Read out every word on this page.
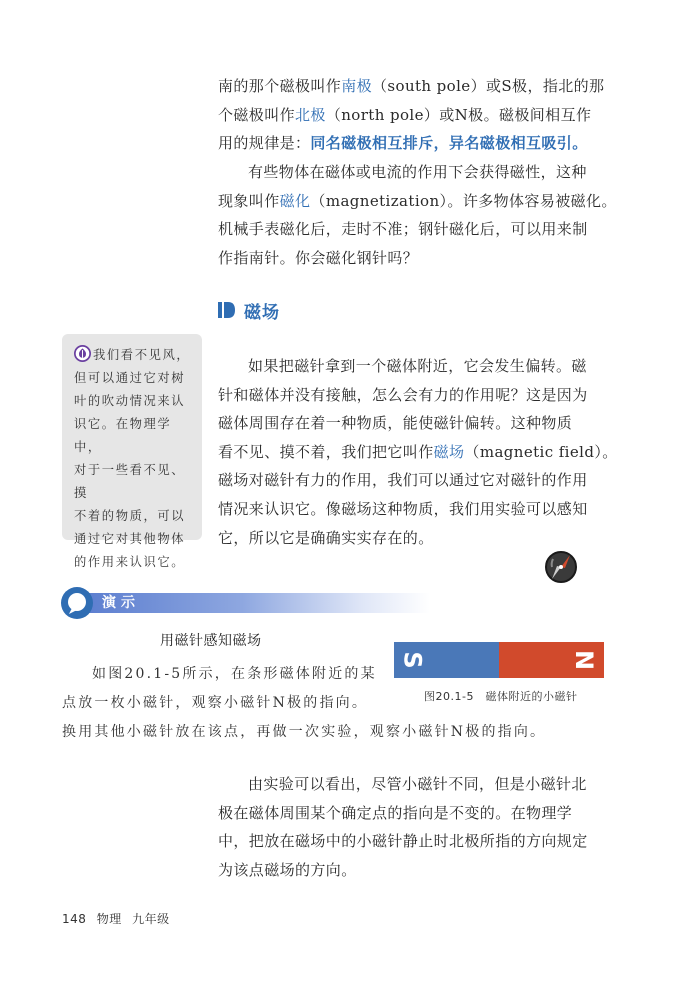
南的那个磁极叫作南极（south pole）或S极，指北的那
个磁极叫作北极（north pole）或N极。磁极间相互作
用的规律是：同名磁极相互排斥，异名磁极相互吸引。
有些物体在磁体或电流的作用下会获得磁性，这种
现象叫作磁化（magnetization）。许多物体容易被磁化。
机械手表磁化后，走时不准；钢针磁化后，可以用来制
作指南针。你会磁化钢针吗？
磁场
我们看不见风，
但可以通过它对树
叶的吹动情况来认
识它。在物理学中，
对于一些看不见、摸
不着的物质，可以
通过它对其他物体
的作用来认识它。
如果把磁针拿到一个磁体附近，它会发生偏转。磁
针和磁体并没有接触，怎么会有力的作用呢？这是因为
磁体周围存在着一种物质，能使磁针偏转。这种物质
看不见、摸不着，我们把它叫作磁场（magnetic field）。
磁场对磁针有力的作用，我们可以通过它对磁针的作用
情况来认识它。像磁场这种物质，我们用实验可以感知
它，所以它是确确实实存在的。
演示
用磁针感知磁场
如图20.1-5所示，在条形磁体附近的某
点放一枚小磁针，观察小磁针N极的指向。
换用其他小磁针放在该点，再做一次实验，观察小磁针N极的指向。
S	N
图20.1-5　磁体附近的小磁针
由实验可以看出，尽管小磁针不同，但是小磁针北
极在磁体周围某个确定点的指向是不变的。在物理学
中，把放在磁场中的小磁针静止时北极所指的方向规定
为该点磁场的方向。
148 物理 九年级
